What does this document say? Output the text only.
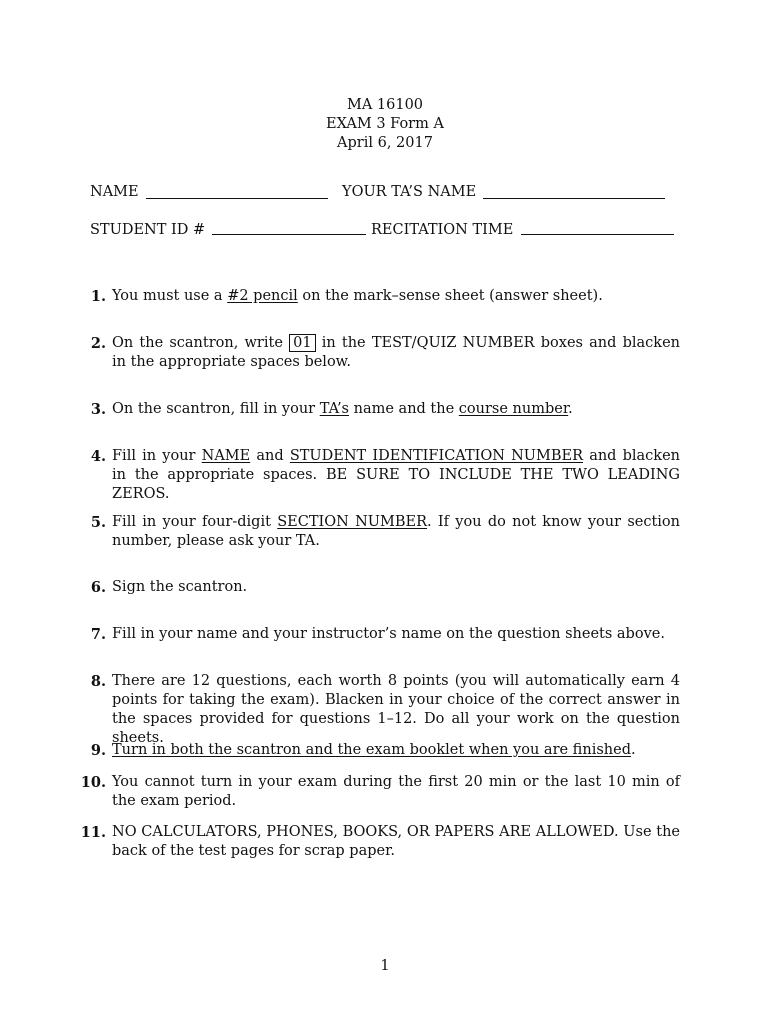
MA 16100
EXAM 3 Form A
April 6, 2017
NAME	YOUR TA’S NAME
STUDENT ID #	RECITATION TIME
1. You must use a #2 pencil on the mark–sense sheet (answer sheet).
2. On the scantron, write 01 in the TEST/QUIZ NUMBER boxes and blacken in the appropriate spaces below.
3. On the scantron, fill in your TA’s name and the course number.
4. Fill in your NAME and STUDENT IDENTIFICATION NUMBER and blacken in the appropriate spaces. BE SURE TO INCLUDE THE TWO LEADING ZEROS.
5. Fill in your four-digit SECTION NUMBER. If you do not know your section number, please ask your TA.
6. Sign the scantron.
7. Fill in your name and your instructor’s name on the question sheets above.
8. There are 12 questions, each worth 8 points (you will automatically earn 4 points for taking the exam). Blacken in your choice of the correct answer in the spaces provided for questions 1–12. Do all your work on the question sheets.
9. Turn in both the scantron and the exam booklet when you are finished.
10. You cannot turn in your exam during the first 20 min or the last 10 min of the exam period.
11. NO CALCULATORS, PHONES, BOOKS, OR PAPERS ARE ALLOWED. Use the back of the test pages for scrap paper.
1
